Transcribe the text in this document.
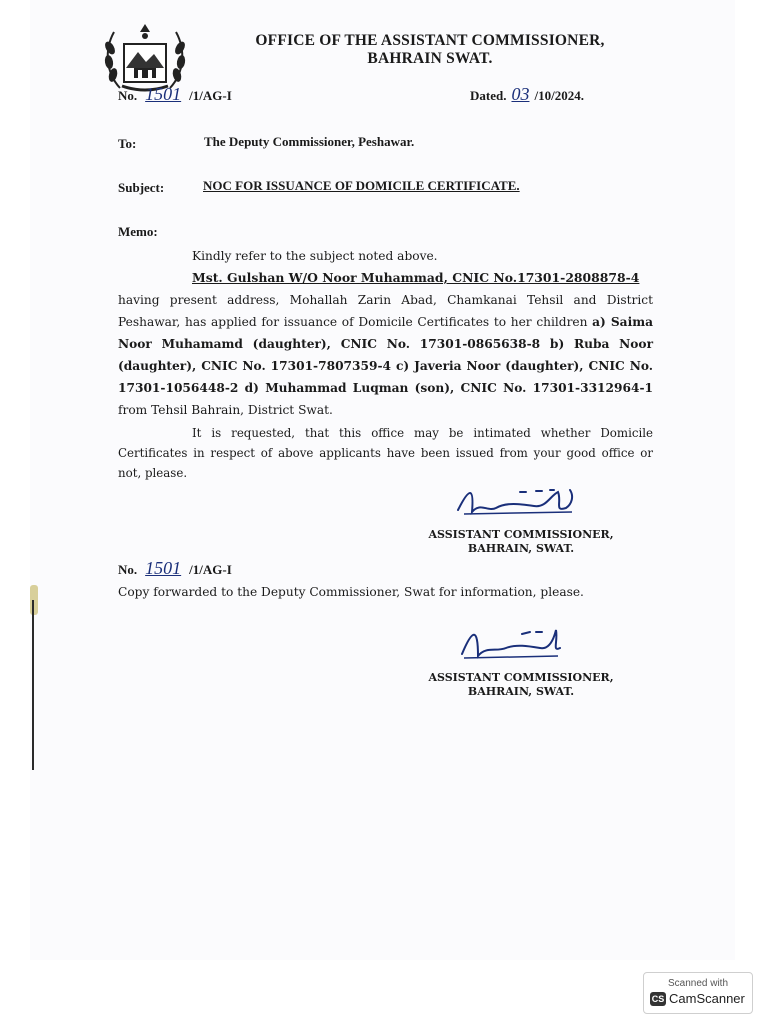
OFFICE OF THE ASSISTANT COMMISSIONER,
BAHRAIN SWAT.
No. 1501 /1/AG-I	Dated. 03 /10/2024.
To:	The Deputy Commissioner, Peshawar.
Subject:	NOC FOR ISSUANCE OF DOMICILE CERTIFICATE.
Memo:
Kindly refer to the subject noted above.
Mst. Gulshan W/O Noor Muhammad, CNIC No.17301-2808878-4
having present address, Mohallah Zarin Abad, Chamkanai Tehsil and District Peshawar, has applied for issuance of Domicile Certificates to her children a) Saima Noor Muhamamd (daughter), CNIC No. 17301-0865638-8 b) Ruba Noor (daughter), CNIC No. 17301-7807359-4 c) Javeria Noor (daughter), CNIC No. 17301-1056448-2 d) Muhammad Luqman (son), CNIC No. 17301-3312964-1 from Tehsil Bahrain, District Swat.
It is requested, that this office may be intimated whether Domicile Certificates in respect of above applicants have been issued from your good office or not, please.
ASSISTANT COMMISSIONER,
BAHRAIN, SWAT.
No. 1501 /1/AG-I
Copy forwarded to the Deputy Commissioner, Swat for information, please.
ASSISTANT COMMISSIONER,
BAHRAIN, SWAT.
Scanned with
CS CamScanner
